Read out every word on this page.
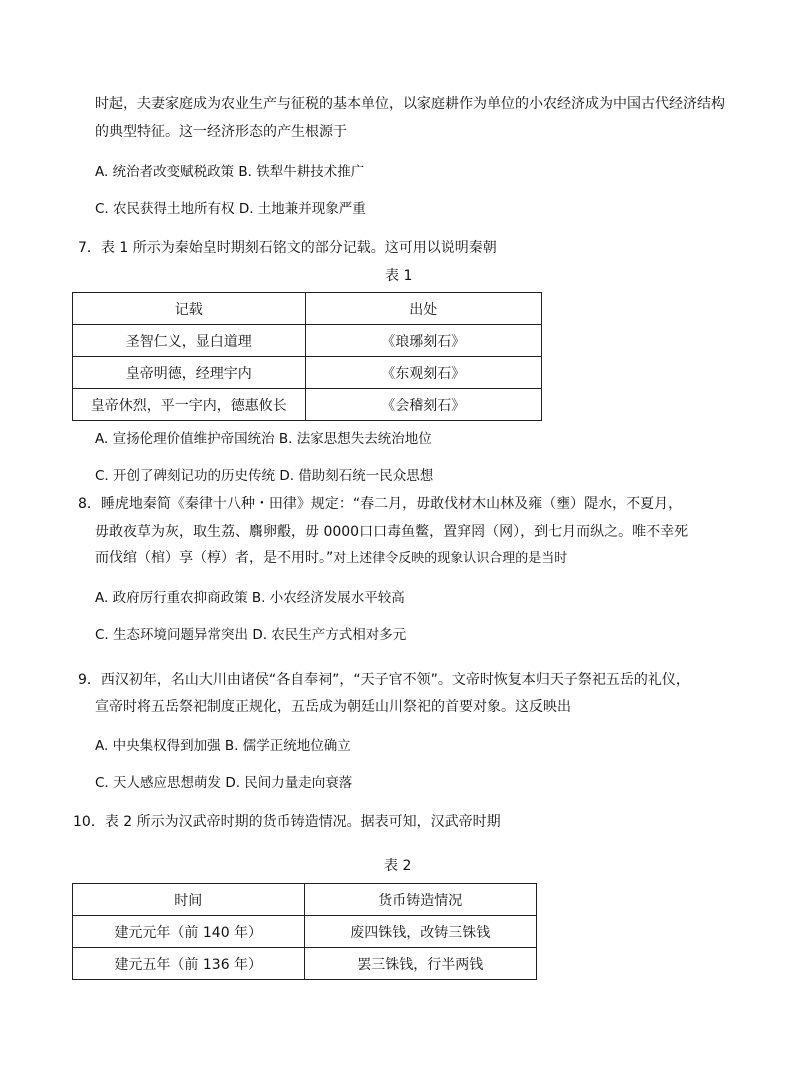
时起，夫妻家庭成为农业生产与征税的基本单位，以家庭耕作为单位的小农经济成为中国古代经济结构
的典型特征。这一经济形态的产生根源于
A. 统治者改变赋税政策 B. 铁犁牛耕技术推广
C. 农民获得土地所有权 D. 土地兼并现象严重
7．表 1 所示为秦始皇时期刻石铭文的部分记载。这可用以说明秦朝
表 1
记载	出处
圣智仁义，显白道理	《琅琊刻石》
皇帝明德，经理宇内	《东观刻石》
皇帝休烈，平一宇内，德惠攸长	《会稽刻石》
A. 宣扬伦理价值维护帝国统治 B. 法家思想失去统治地位
C. 开创了碑刻记功的历史传统 D. 借助刻石统一民众思想
8．睡虎地秦简《秦律十八种・田律》规定：“春二月，毋敢伐材木山林及雍（壅）隄水，不夏月，
毋敢夜草为灰，取生荔、麛卵鷇，毋 0000口口毒鱼鳖，置穽罔（网），到七月而纵之。唯不幸死
而伐绾（棺）享（椁）者，是不用时。”对上述律令反映的现象认识合理的是当时
A. 政府厉行重农抑商政策 B. 小农经济发展水平较高
C. 生态环境问题异常突出 D. 农民生产方式相对多元
9．西汉初年，名山大川由诸侯“各自奉祠”，“天子官不领”。文帝时恢复本归天子祭祀五岳的礼仪，
宣帝时将五岳祭祀制度正规化，五岳成为朝廷山川祭祀的首要对象。这反映出
A. 中央集权得到加强 B. 儒学正统地位确立
C. 天人感应思想萌发 D. 民间力量走向衰落
10．表 2 所示为汉武帝时期的货币铸造情况。据表可知，汉武帝时期
表 2
时间	货币铸造情况
建元元年（前 140 年）	废四铢钱，改铸三铢钱
建元五年（前 136 年）	罢三铢钱，行半两钱
